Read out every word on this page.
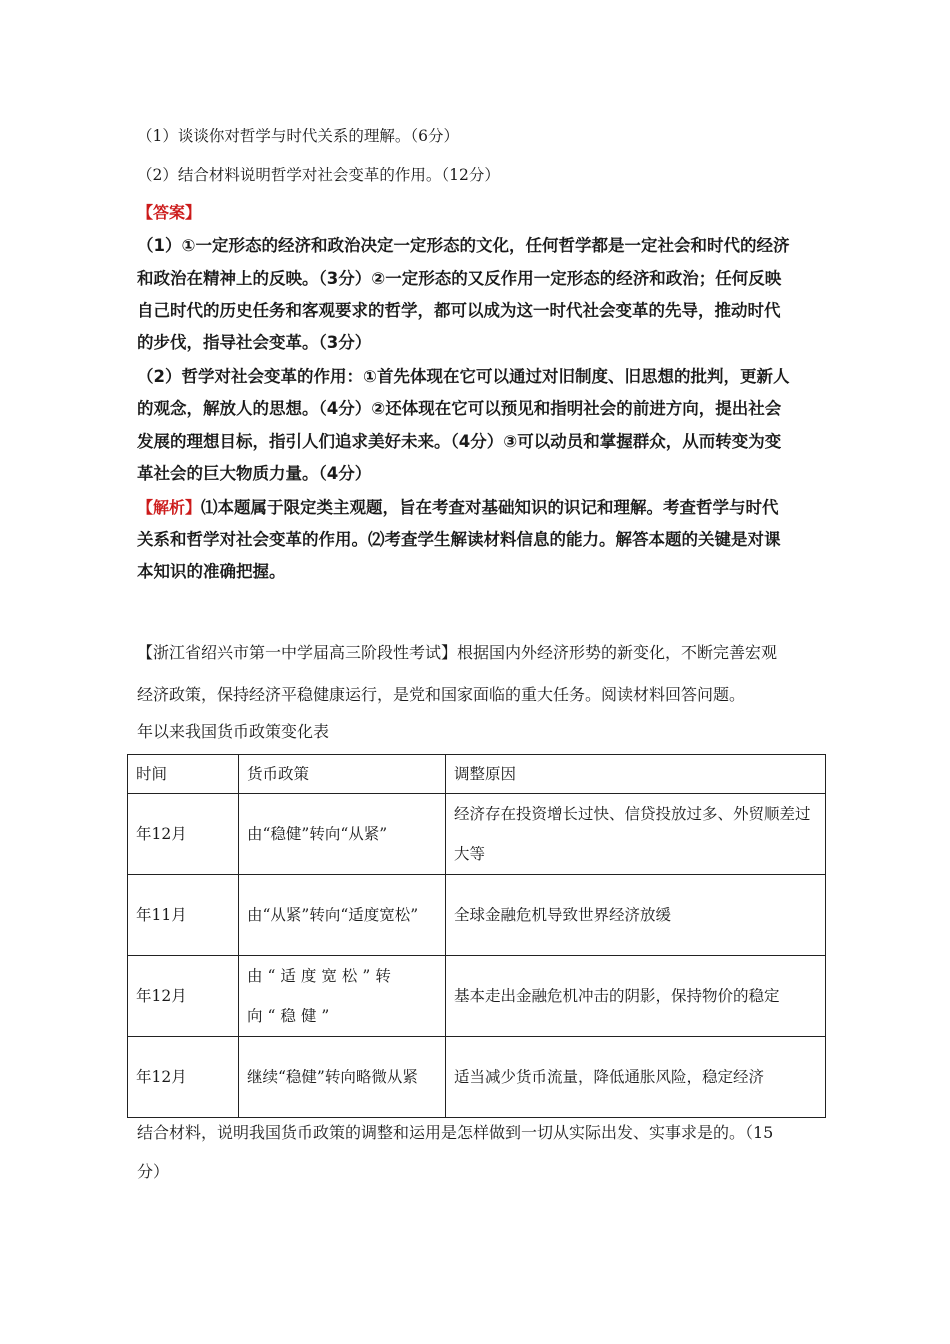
（1）谈谈你对哲学与时代关系的理解。（6分）
（2）结合材料说明哲学对社会变革的作用。（12分）
【答案】
（1）①一定形态的经济和政治决定一定形态的文化，任何哲学都是一定社会和时代的经济
和政治在精神上的反映。（3分）②一定形态的又反作用一定形态的经济和政治；任何反映
自己时代的历史任务和客观要求的哲学，都可以成为这一时代社会变革的先导，推动时代
的步伐，指导社会变革。（3分）
（2）哲学对社会变革的作用：①首先体现在它可以通过对旧制度、旧思想的批判，更新人
的观念，解放人的思想。（4分）②还体现在它可以预见和指明社会的前进方向，提出社会
发展的理想目标，指引人们追求美好未来。（4分）③可以动员和掌握群众，从而转变为变
革社会的巨大物质力量。（4分）
【解析】⑴本题属于限定类主观题，旨在考查对基础知识的识记和理解。考查哲学与时代
关系和哲学对社会变革的作用。⑵考查学生解读材料信息的能力。解答本题的关键是对课
本知识的准确把握。
【浙江省绍兴市第一中学届高三阶段性考试】根据国内外经济形势的新变化，不断完善宏观
经济政策，保持经济平稳健康运行，是党和国家面临的重大任务。阅读材料回答问题。
年以来我国货币政策变化表
时间	货币政策	调整原因
年12月	由“稳健”转向“从紧”	经济存在投资增长过快、信贷投放过多、外贸顺差过大等
年11月	由“从紧”转向“适度宽松”	全球金融危机导致世界经济放缓
年12月	由“适度宽松”转向“稳健”	基本走出金融危机冲击的阴影，保持物价的稳定
年12月	继续“稳健”转向略微从紧	适当减少货币流量，降低通胀风险，稳定经济
结合材料，说明我国货币政策的调整和运用是怎样做到一切从实际出发、实事求是的。（15
分）
